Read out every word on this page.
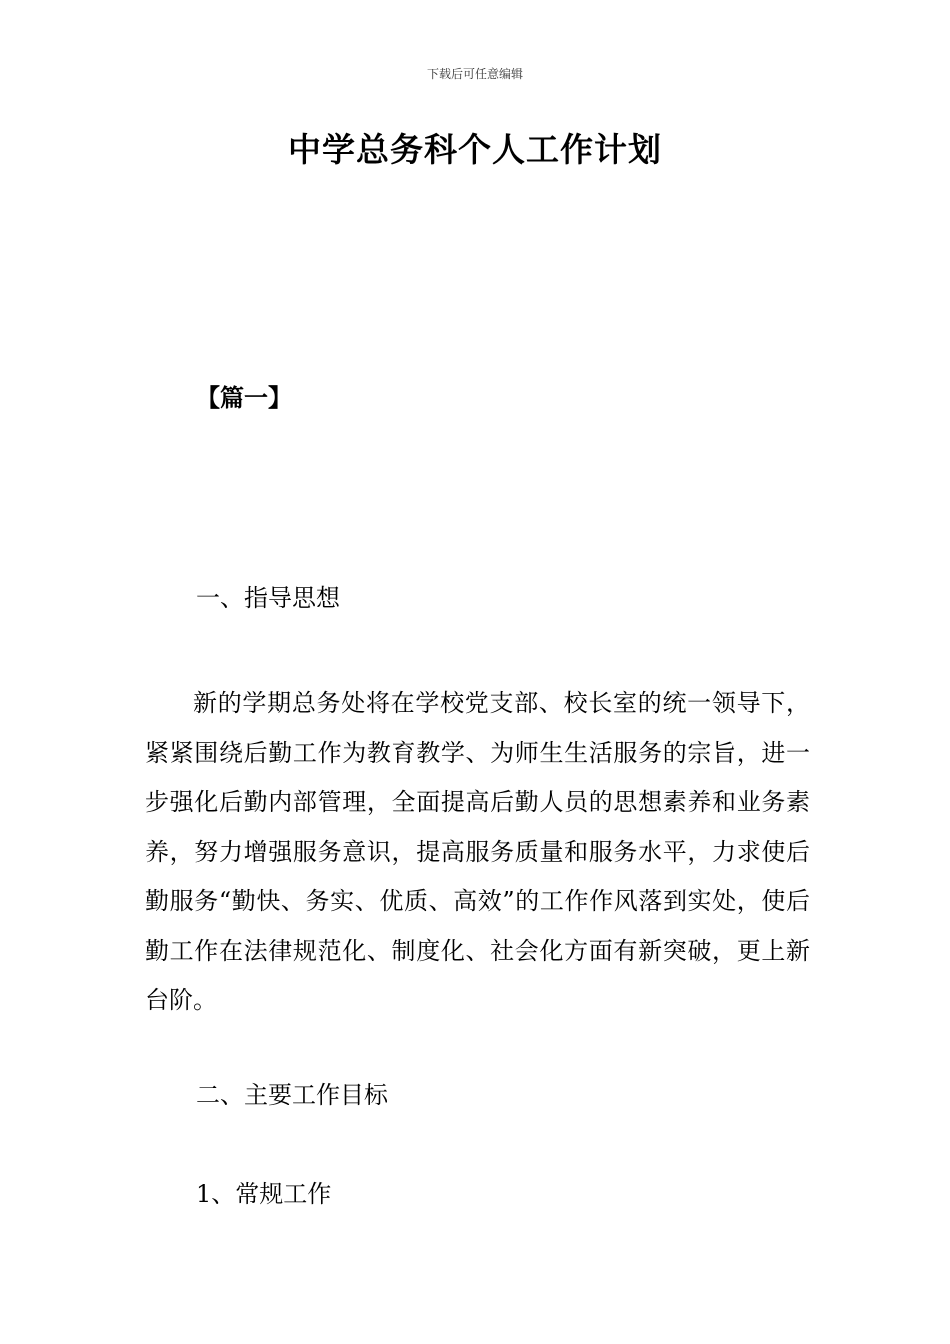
下载后可任意编辑
中学总务科个人工作计划
【篇一】
一、指导思想

新的学期总务处将在学校党支部、校长室的统一领导下，紧紧围绕后勤工作为教育教学、为师生生活服务的宗旨，进一步强化后勤内部管理，全面提高后勤人员的思想素养和业务素养，努力增强服务意识，提高服务质量和服务水平，力求使后勤服务“勤快、务实、优质、高效”的工作作风落到实处，使后勤工作在法律规范化、制度化、社会化方面有新突破，更上新台阶。

二、主要工作目标
1、常规工作
